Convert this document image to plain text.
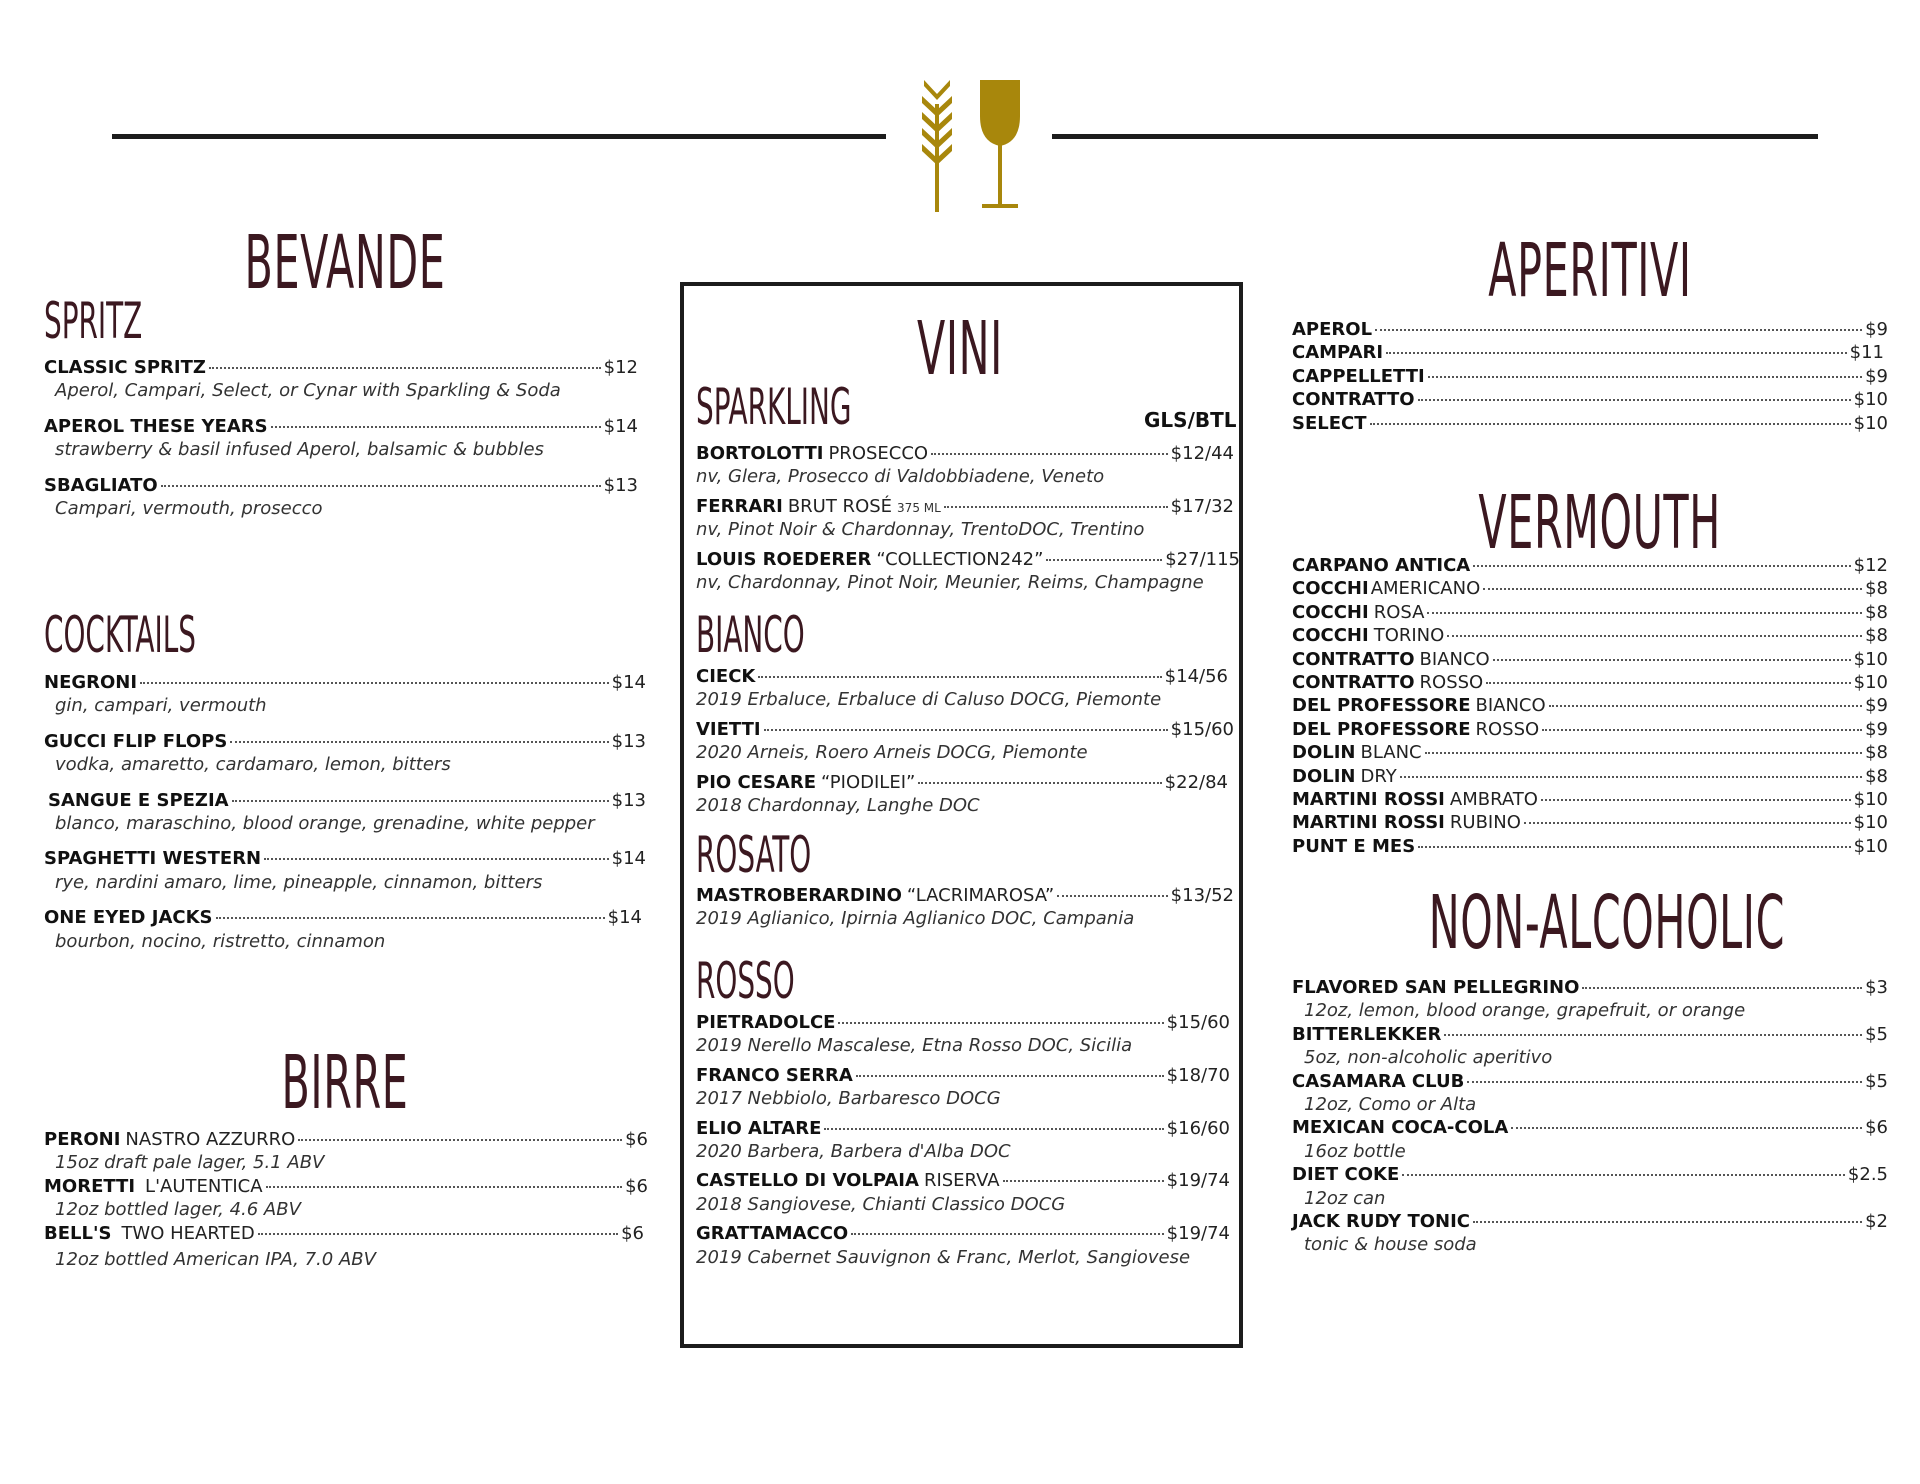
BEVANDE
SPRITZ
CLASSIC SPRITZ	$12
Aperol, Campari, Select, or Cynar with Sparkling & Soda
APEROL THESE YEARS	$14
strawberry & basil infused Aperol, balsamic & bubbles
SBAGLIATO	$13
Campari, vermouth, prosecco
COCKTAILS
NEGRONI	$14
gin, campari, vermouth
GUCCI FLIP FLOPS	$13
vodka, amaretto, cardamaro, lemon, bitters
SANGUE E SPEZIA	$13
blanco, maraschino, blood orange, grenadine, white pepper
SPAGHETTI WESTERN	$14
rye, nardini amaro, lime, pineapple, cinnamon, bitters
ONE EYED JACKS	$14
bourbon, nocino, ristretto, cinnamon
BIRRE
PERONI NASTRO AZZURRO	$6
15oz draft pale lager, 5.1 ABV
MORETTI L'AUTENTICA	$6
12oz bottled lager, 4.6 ABV
BELL'S TWO HEARTED	$6
12oz bottled American IPA, 7.0 ABV
VINI
SPARKLING	GLS/BTL
BORTOLOTTI PROSECCO	$12/44
nv, Glera, Prosecco di Valdobbiadene, Veneto
FERRARI BRUT ROSÉ 375 ML	$17/32
nv, Pinot Noir & Chardonnay, TrentoDOC, Trentino
LOUIS ROEDERER “COLLECTION242”	$27/115
nv, Chardonnay, Pinot Noir, Meunier, Reims, Champagne
BIANCO
CIECK	$14/56
2019 Erbaluce, Erbaluce di Caluso DOCG, Piemonte
VIETTI	$15/60
2020 Arneis, Roero Arneis DOCG, Piemonte
PIO CESARE “PIODILEI”	$22/84
2018 Chardonnay, Langhe DOC
ROSATO
MASTROBERARDINO “LACRIMAROSA”	$13/52
2019 Aglianico, Ipirnia Aglianico DOC, Campania
ROSSO
PIETRADOLCE	$15/60
2019 Nerello Mascalese, Etna Rosso DOC, Sicilia
FRANCO SERRA	$18/70
2017 Nebbiolo, Barbaresco DOCG
ELIO ALTARE	$16/60
2020 Barbera, Barbera d'Alba DOC
CASTELLO DI VOLPAIA RISERVA	$19/74
2018 Sangiovese, Chianti Classico DOCG
GRATTAMACCO	$19/74
2019 Cabernet Sauvignon & Franc, Merlot, Sangiovese
APERITIVI
APEROL	$9
CAMPARI	$11
CAPPELLETTI	$9
CONTRATTO	$10
SELECT	$10
VERMOUTH
CARPANO ANTICA	$12
COCCHI AMERICANO	$8
COCCHI ROSA	$8
COCCHI TORINO	$8
CONTRATTO BIANCO	$10
CONTRATTO ROSSO	$10
DEL PROFESSORE BIANCO	$9
DEL PROFESSORE ROSSO	$9
DOLIN BLANC	$8
DOLIN DRY	$8
MARTINI ROSSI AMBRATO	$10
MARTINI ROSSI RUBINO	$10
PUNT E MES	$10
NON-ALCOHOLIC
FLAVORED SAN PELLEGRINO	$3
12oz, lemon, blood orange, grapefruit, or orange
BITTERLEKKER	$5
5oz, non-alcoholic aperitivo
CASAMARA CLUB	$5
12oz, Como or Alta
MEXICAN COCA-COLA	$6
16oz bottle
DIET COKE	$2.5
12oz can
JACK RUDY TONIC	$2
tonic & house soda
